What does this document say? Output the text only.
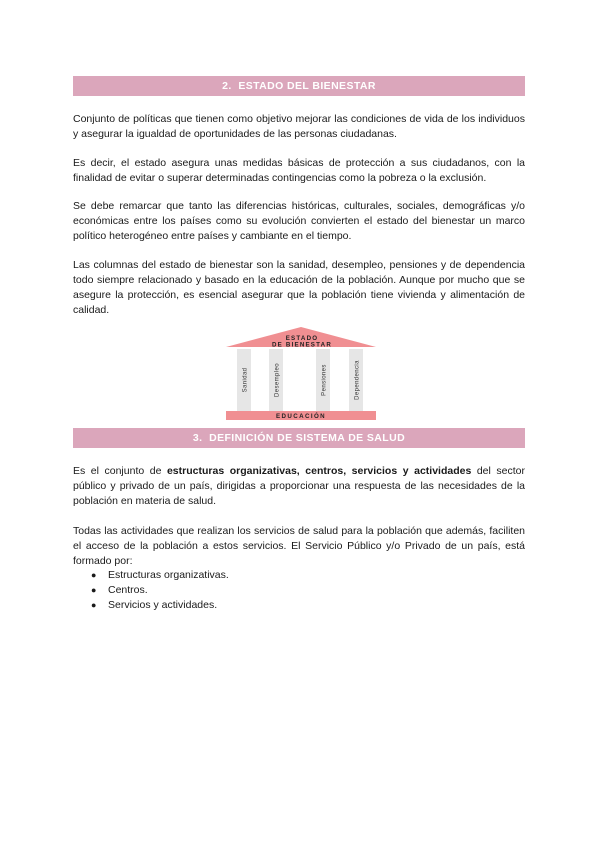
2. ESTADO DEL BIENESTAR

Conjunto de políticas que tienen como objetivo mejorar las condiciones de vida de los individuos y asegurar la igualdad de oportunidades de las personas ciudadanas.

Es decir, el estado asegura unas medidas básicas de protección a sus ciudadanos, con la finalidad de evitar o superar determinadas contingencias como la pobreza o la exclusión.

Se debe remarcar que tanto las diferencias históricas, culturales, sociales, demográficas y/o económicas entre los países como su evolución convierten el estado del bienestar un marco político heterogéneo entre países y cambiante en el tiempo.

Las columnas del estado de bienestar son la sanidad, desempleo, pensiones y de dependencia todo siempre relacionado y basado en la educación de la población. Aunque por mucho que se asegure la protección, es esencial asegurar que la población tiene vivienda y alimentación de calidad.

ESTADO
DE BIENESTAR
Sanidad	Desempleo	Pensiones	Dependencia
EDUCACIÓN
3. DEFINICIÓN DE SISTEMA DE SALUD

Es el conjunto de estructuras organizativas, centros, servicios y actividades del sector público y privado de un país, dirigidas a proporcionar una respuesta de las necesidades de la población en materia de salud.

Todas las actividades que realizan los servicios de salud para la población que además, faciliten el acceso de la población a estos servicios. El Servicio Público y/o Privado de un país, está formado por:

● Estructuras organizativas.
● Centros.
● Servicios y actividades.
